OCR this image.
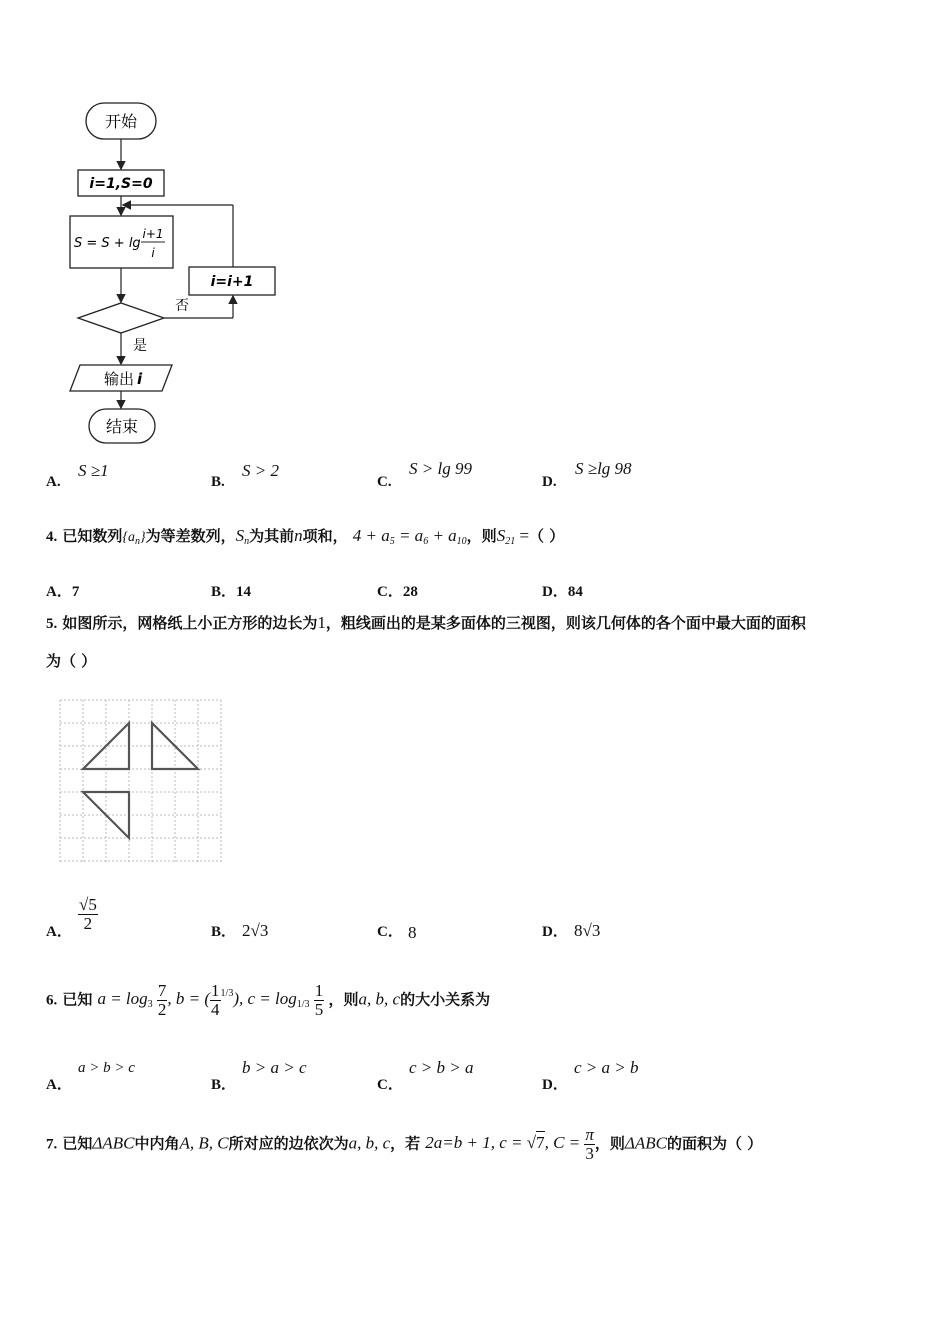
开始
i=1,S=0
S = S + lg
i+1
i
否
i=i+1
是
输出 i
结束
A.
S ≥1
B.
S > 2
C.
S > lg 99
D.
S ≥lg 98
4. 已知数列$\{a_n\}$为等差数列，$S_n$为其前n项和， $4 + a_5 = a_6 + a_{10}$，则$S_{21}$ =（ ）
A．7	B．14	C．28	D．84
5. 如图所示，网格纸上小正方形的边长为1，粗线画出的是某多面体的三视图，则该几何体的各个面中最大面的面积
为（ ）
A． $\frac{√5}{2}$	B． 2√3	C． 8	D． 8√3
6. 已知 $a = \log_3 \frac{7}{2}$ , b = ( $\frac{1}{4} ^{1/3}$), $c = \log_{1/3} \frac{1}{5}$ ，则a, b, c的大小关系为
A．
a > b > c
B．
b > a > c
C．
c > b > a
D．
c > a > b
7. 已知ΔABC中内角A, B, C所对应的边依次为a, b, c，若 2a=b + 1, c = √7, $C = \frac{\pi}{3}$ ，则ΔABC的面积为（ ）
